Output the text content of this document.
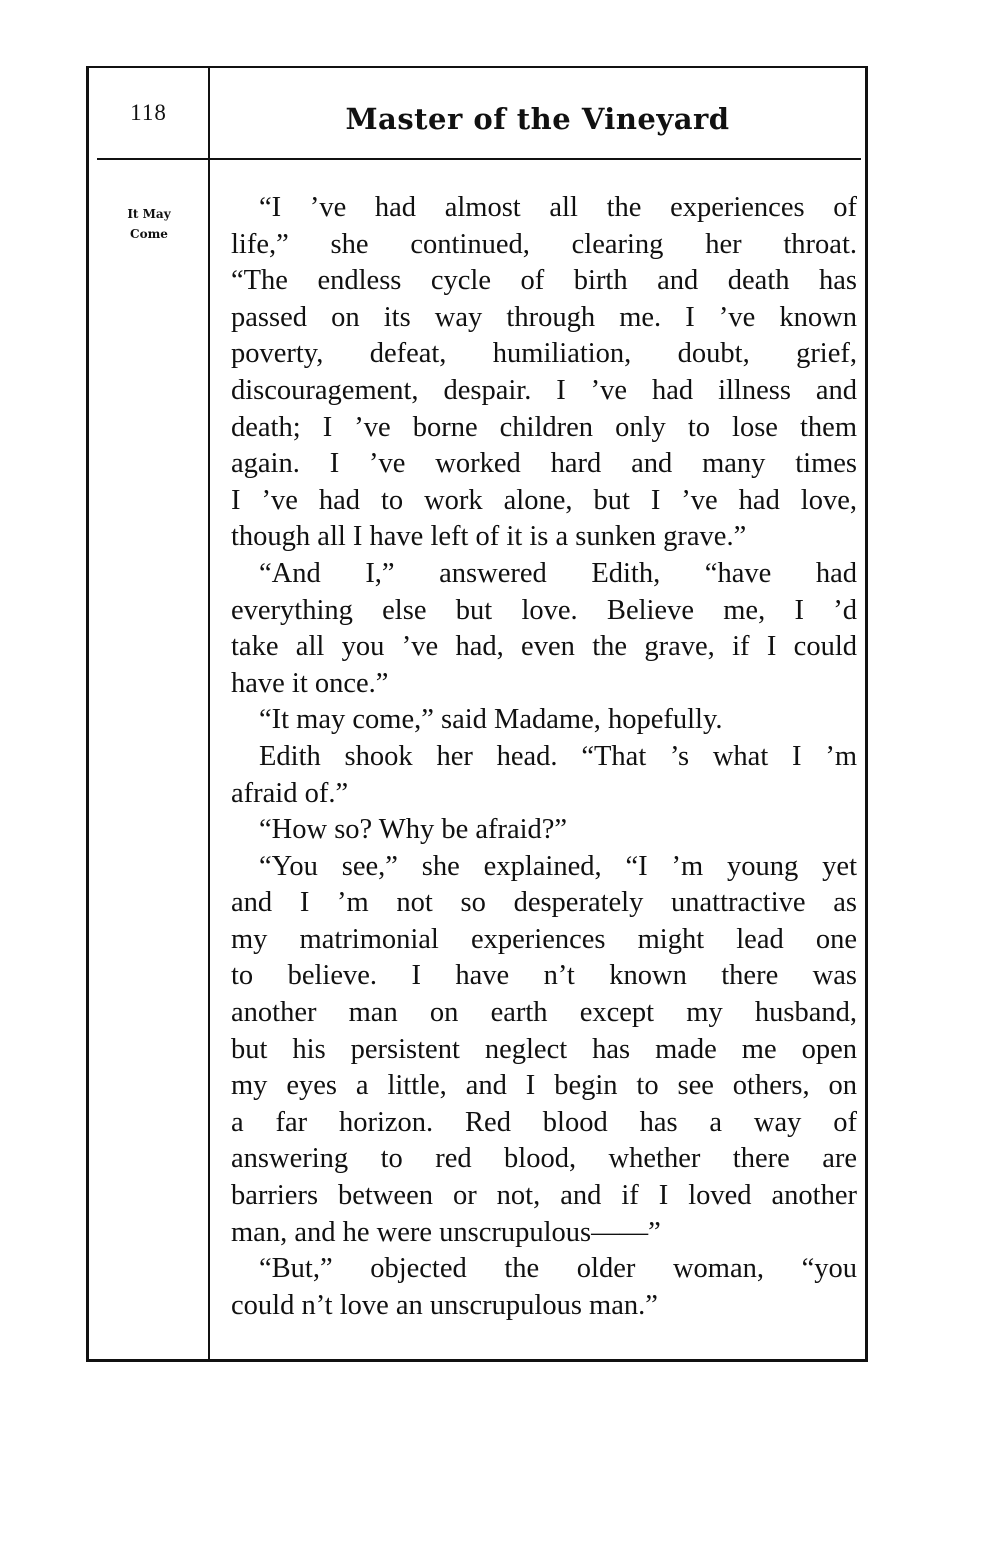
118	Master of the Vineyard
It May
Come
“I ’ve had almost all the experiences of
life,” she continued, clearing her throat.
“The endless cycle of birth and death has
passed on its way through me. I ’ve known
poverty, defeat, humiliation, doubt, grief,
discouragement, despair. I ’ve had illness and
death; I ’ve borne children only to lose them
again. I ’ve worked hard and many times
I ’ve had to work alone, but I ’ve had love,
though all I have left of it is a sunken grave.”
“And I,” answered Edith, “have had
everything else but love. Believe me, I ’d
take all you ’ve had, even the grave, if I could
have it once.”
“It may come,” said Madame, hopefully.
Edith shook her head. “That ’s what I ’m
afraid of.”
“How so? Why be afraid?”
“You see,” she explained, “I ’m young yet
and I ’m not so desperately unattractive as
my matrimonial experiences might lead one
to believe. I have n’t known there was
another man on earth except my husband,
but his persistent neglect has made me open
my eyes a little, and I begin to see others, on
a far horizon. Red blood has a way of
answering to red blood, whether there are
barriers between or not, and if I loved another
man, and he were unscrupulous——”
“But,” objected the older woman, “you
could n’t love an unscrupulous man.”
